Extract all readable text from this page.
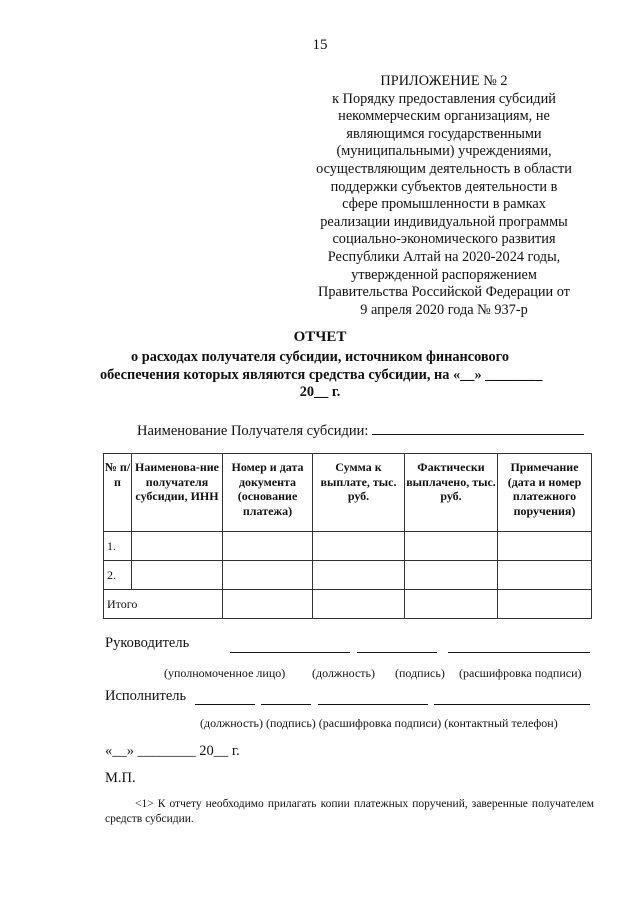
15
ПРИЛОЖЕНИЕ № 2
к Порядку предоставления субсидий
некоммерческим организациям, не
являющимся государственными
(муниципальными) учреждениями,
осуществляющим деятельность в области
поддержки субъектов деятельности в
сфере промышленности в рамках
реализации индивидуальной программы
социально-экономического развития
Республики Алтай на 2020-2024 годы,
утвержденной распоряжением
Правительства Российской Федерации от
9 апреля 2020 года № 937-р
ОТЧЕТ
о расходах получателя субсидии, источником финансового
обеспечения которых являются средства субсидии, на «__» ________
20__ г.
Наименование Получателя субсидии:
№ п/п	Наименова-ние получателя субсидии, ИНН	Номер и дата документа (основание платежа)	Сумма к выплате, тыс. руб.	Фактически выплачено, тыс. руб.	Примечание (дата и номер платежного поручения)
1.					
2.					
Итого					
Руководитель
(уполномоченное лицо) (должность) (подпись) (расшифровка подписи)
Исполнитель
(должность) (подпись) (расшифровка подписи) (контактный телефон)
«__» ________ 20__ г.
М.П.
<1> К отчету необходимо прилагать копии платежных поручений, заверенные получателем средств субсидии.
